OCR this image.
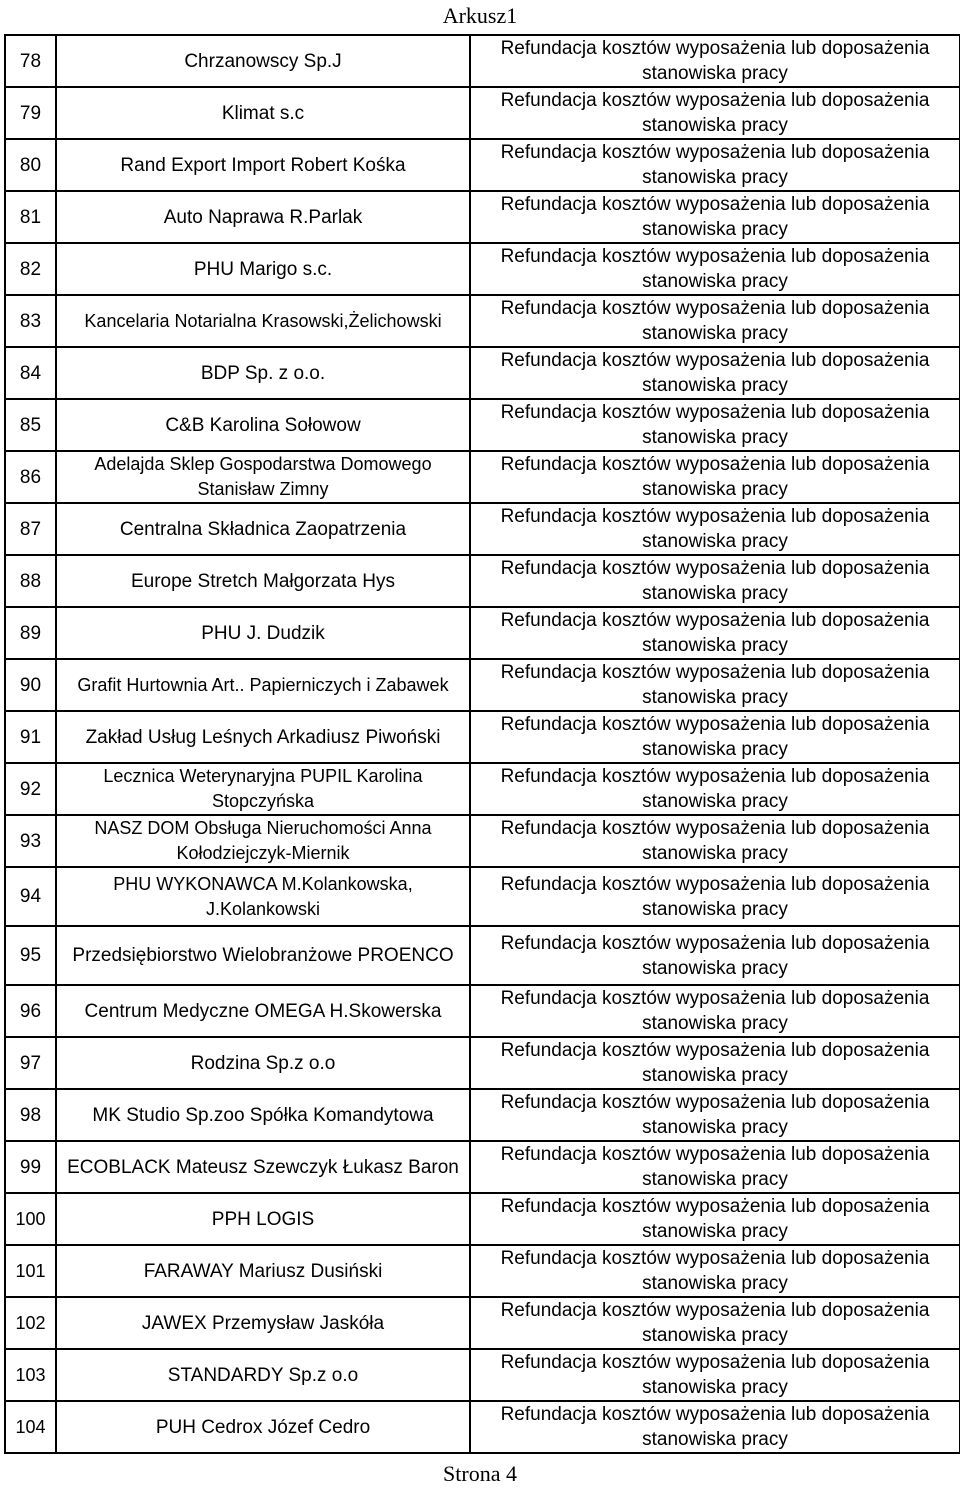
Arkusz1
78	Chrzanowscy Sp.J	Refundacja kosztów wyposażenia lub doposażenia stanowiska pracy
79	Klimat s.c	Refundacja kosztów wyposażenia lub doposażenia stanowiska pracy
80	Rand Export Import Robert Kośka	Refundacja kosztów wyposażenia lub doposażenia stanowiska pracy
81	Auto Naprawa R.Parlak	Refundacja kosztów wyposażenia lub doposażenia stanowiska pracy
82	PHU Marigo s.c.	Refundacja kosztów wyposażenia lub doposażenia stanowiska pracy
83	Kancelaria Notarialna Krasowski,Żelichowski	Refundacja kosztów wyposażenia lub doposażenia stanowiska pracy
84	BDP Sp. z o.o.	Refundacja kosztów wyposażenia lub doposażenia stanowiska pracy
85	C&B Karolina Sołowow	Refundacja kosztów wyposażenia lub doposażenia stanowiska pracy
86	Adelajda Sklep Gospodarstwa Domowego Stanisław Zimny	Refundacja kosztów wyposażenia lub doposażenia stanowiska pracy
87	Centralna Składnica Zaopatrzenia	Refundacja kosztów wyposażenia lub doposażenia stanowiska pracy
88	Europe Stretch Małgorzata Hys	Refundacja kosztów wyposażenia lub doposażenia stanowiska pracy
89	PHU J. Dudzik	Refundacja kosztów wyposażenia lub doposażenia stanowiska pracy
90	Grafit Hurtownia Art.. Papierniczych i Zabawek	Refundacja kosztów wyposażenia lub doposażenia stanowiska pracy
91	Zakład Usług Leśnych Arkadiusz Piwoński	Refundacja kosztów wyposażenia lub doposażenia stanowiska pracy
92	Lecznica Weterynaryjna PUPIL Karolina Stopczyńska	Refundacja kosztów wyposażenia lub doposażenia stanowiska pracy
93	NASZ DOM Obsługa Nieruchomości Anna Kołodziejczyk-Miernik	Refundacja kosztów wyposażenia lub doposażenia stanowiska pracy
94	PHU WYKONAWCA M.Kolankowska, J.Kolankowski	Refundacja kosztów wyposażenia lub doposażenia stanowiska pracy
95	Przedsiębiorstwo Wielobranżowe PROENCO	Refundacja kosztów wyposażenia lub doposażenia stanowiska pracy
96	Centrum Medyczne OMEGA H.Skowerska	Refundacja kosztów wyposażenia lub doposażenia stanowiska pracy
97	Rodzina Sp.z o.o	Refundacja kosztów wyposażenia lub doposażenia stanowiska pracy
98	MK Studio Sp.zoo Spółka Komandytowa	Refundacja kosztów wyposażenia lub doposażenia stanowiska pracy
99	ECOBLACK Mateusz Szewczyk Łukasz Baron	Refundacja kosztów wyposażenia lub doposażenia stanowiska pracy
100	PPH LOGIS	Refundacja kosztów wyposażenia lub doposażenia stanowiska pracy
101	FARAWAY Mariusz Dusiński	Refundacja kosztów wyposażenia lub doposażenia stanowiska pracy
102	JAWEX Przemysław Jaskóła	Refundacja kosztów wyposażenia lub doposażenia stanowiska pracy
103	STANDARDY Sp.z o.o	Refundacja kosztów wyposażenia lub doposażenia stanowiska pracy
104	PUH Cedrox Józef Cedro	Refundacja kosztów wyposażenia lub doposażenia stanowiska pracy
Strona 4
